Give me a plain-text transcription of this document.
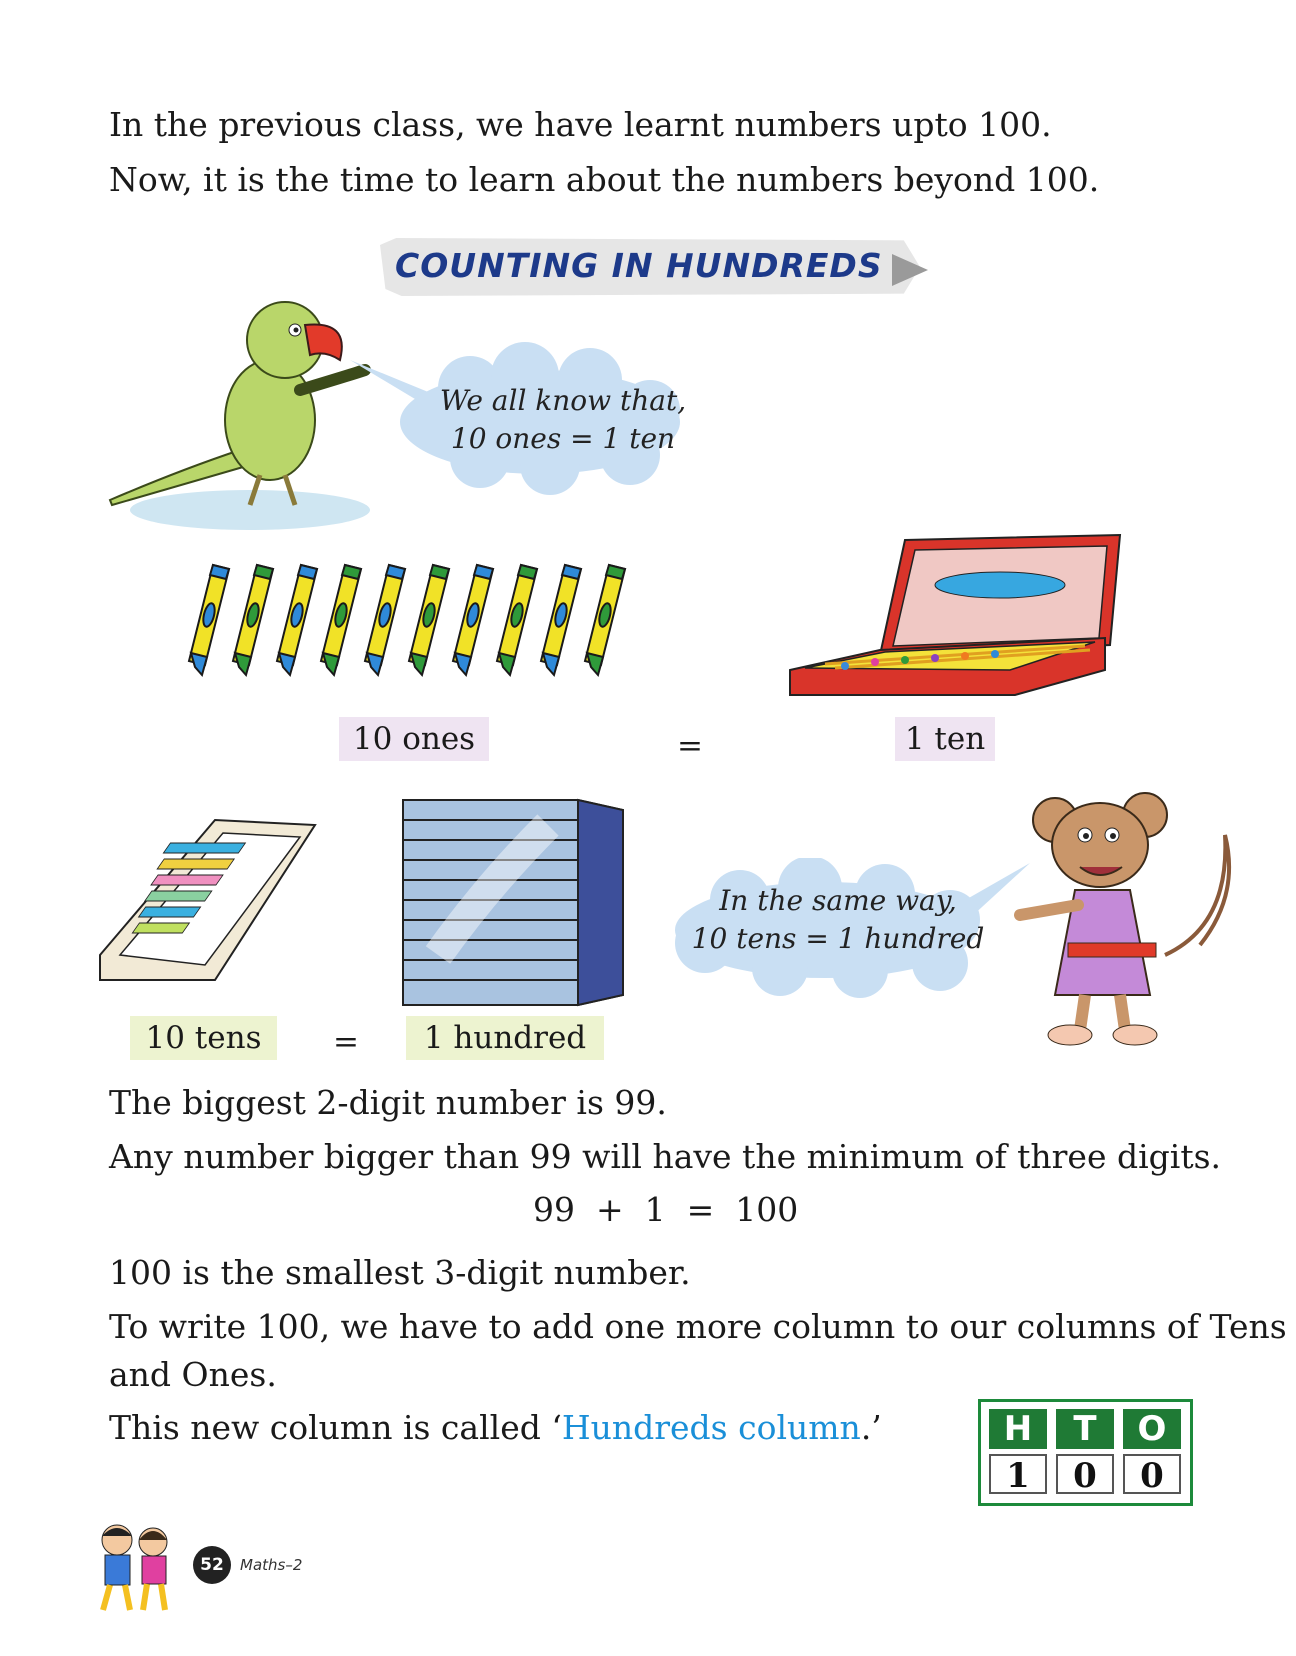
In the previous class, we have learnt numbers upto 100.
Now, it is the time to learn about the numbers beyond 100.
COUNTING IN HUNDREDS
We all know that,
10 ones = 1 ten
10 ones	=	1 ten
In the same way,
10 tens = 1 hundred
10 tens	=	1 hundred
The biggest 2-digit number is 99.
Any number bigger than 99 will have the minimum of three digits.
99  +  1  =  100
100 is the smallest 3-digit number.
To write 100, we have to add one more column to our columns of Tens
and Ones.
This new column is called ‘Hundreds column.’	H	T	O
1	0	0
52	Maths–2
